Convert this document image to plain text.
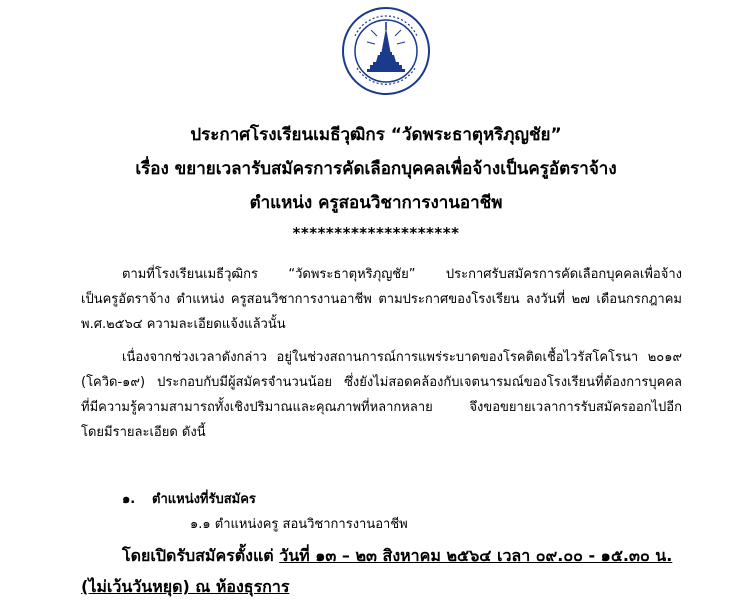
ประกาศโรงเรียนเมธีวุฒิกร “วัดพระธาตุหริภุญชัย”
เรื่อง ขยายเวลารับสมัครการคัดเลือกบุคคลเพื่อจ้างเป็นครูอัตราจ้าง
ตำแหน่ง ครูสอนวิชาการงานอาชีพ
********************
ตามที่โรงเรียนเมธีวุฒิกร “วัดพระธาตุหริภุญชัย” ประกาศรับสมัครการคัดเลือกบุคคลเพื่อจ้าง
เป็นครูอัตราจ้าง ตำแหน่ง ครูสอนวิชาการงานอาชีพ ตามประกาศของโรงเรียน ลงวันที่ ๒๗ เดือนกรกฎาคม
พ.ศ.๒๕๖๔ ความละเอียดแจ้งแล้วนั้น
เนื่องจากช่วงเวลาดังกล่าว อยู่ในช่วงสถานการณ์การแพร่ระบาดของโรคติดเชื้อไวรัสโคโรนา ๒๐๑๙
(โควิด-๑๙) ประกอบกับมีผู้สมัครจำนวนน้อย ซึ่งยังไม่สอดคล้องกับเจตนารมณ์ของโรงเรียนที่ต้องการบุคคล
ที่มีความรู้ความสามารถทั้งเชิงปริมาณและคุณภาพที่หลากหลาย จึงขอขยายเวลาการรับสมัครออกไปอีก
โดยมีรายละเอียด ดังนี้
๑. ตำแหน่งที่รับสมัคร
๑.๑ ตำแหน่งครู สอนวิชาการงานอาชีพ
โดยเปิดรับสมัครตั้งแต่ วันที่ ๑๓ – ๒๓ สิงหาคม ๒๕๖๔ เวลา ๐๙.๐๐ - ๑๕.๓๐ น.
(ไม่เว้นวันหยุด) ณ ห้องธุรการ
